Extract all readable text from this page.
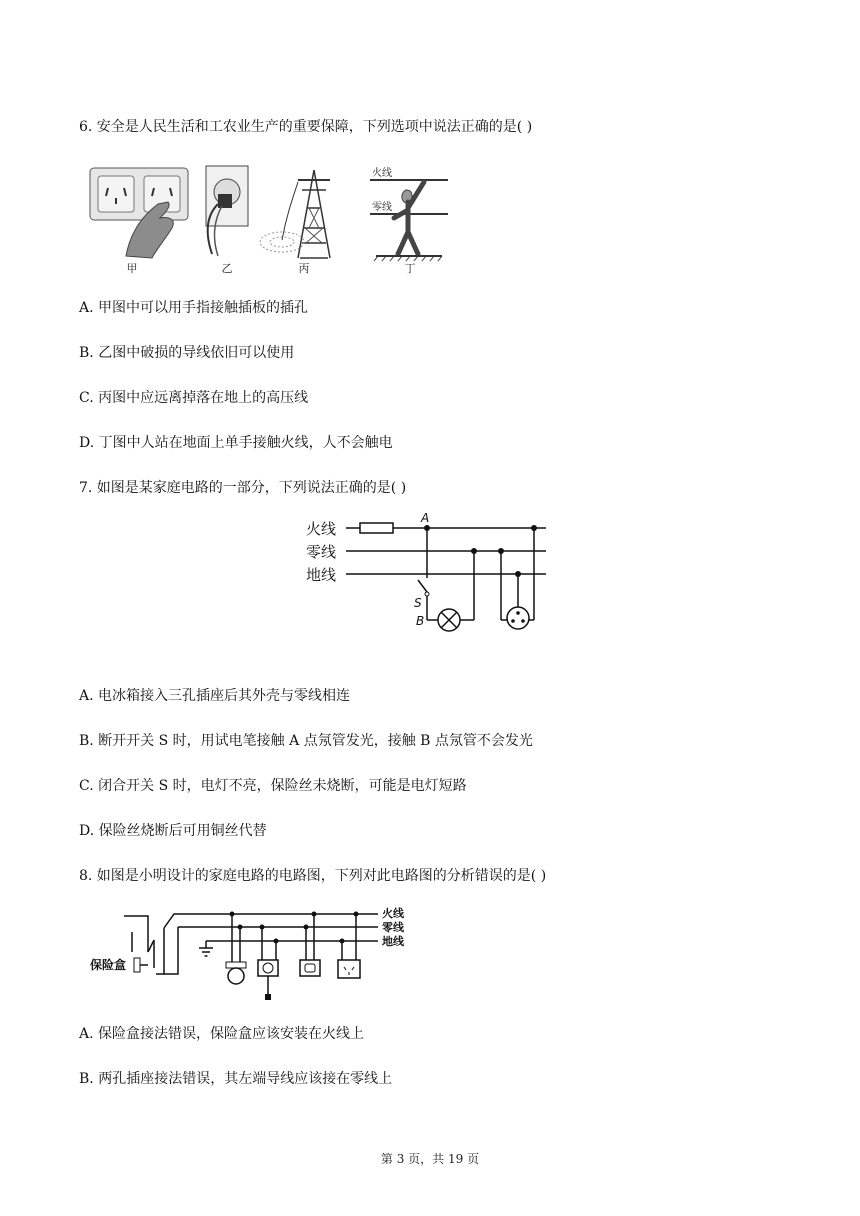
6. 安全是人民生活和工农业生产的重要保障，下列选项中说法正确的是( )
火线
零线
甲	乙	丙	丁
A. 甲图中可以用手指接触插板的插孔
B. 乙图中破损的导线依旧可以使用
C. 丙图中应远离掉落在地上的高压线
D. 丁图中人站在地面上单手接触火线，人不会触电
7. 如图是某家庭电路的一部分，下列说法正确的是( )
火线
零线
地线
A
S
B
A. 电冰箱接入三孔插座后其外壳与零线相连
B. 断开开关 S 时，用试电笔接触 A 点氖管发光，接触 B 点氖管不会发光
C. 闭合开关 S 时，电灯不亮，保险丝未烧断，可能是电灯短路
D. 保险丝烧断后可用铜丝代替
8. 如图是小明设计的家庭电路的电路图，下列对此电路图的分析错误的是( )
火线
零线
地线
保险盒
A. 保险盒接法错误，保险盒应该安装在火线上
B. 两孔插座接法错误，其左端导线应该接在零线上
第 3 页，共 19 页
